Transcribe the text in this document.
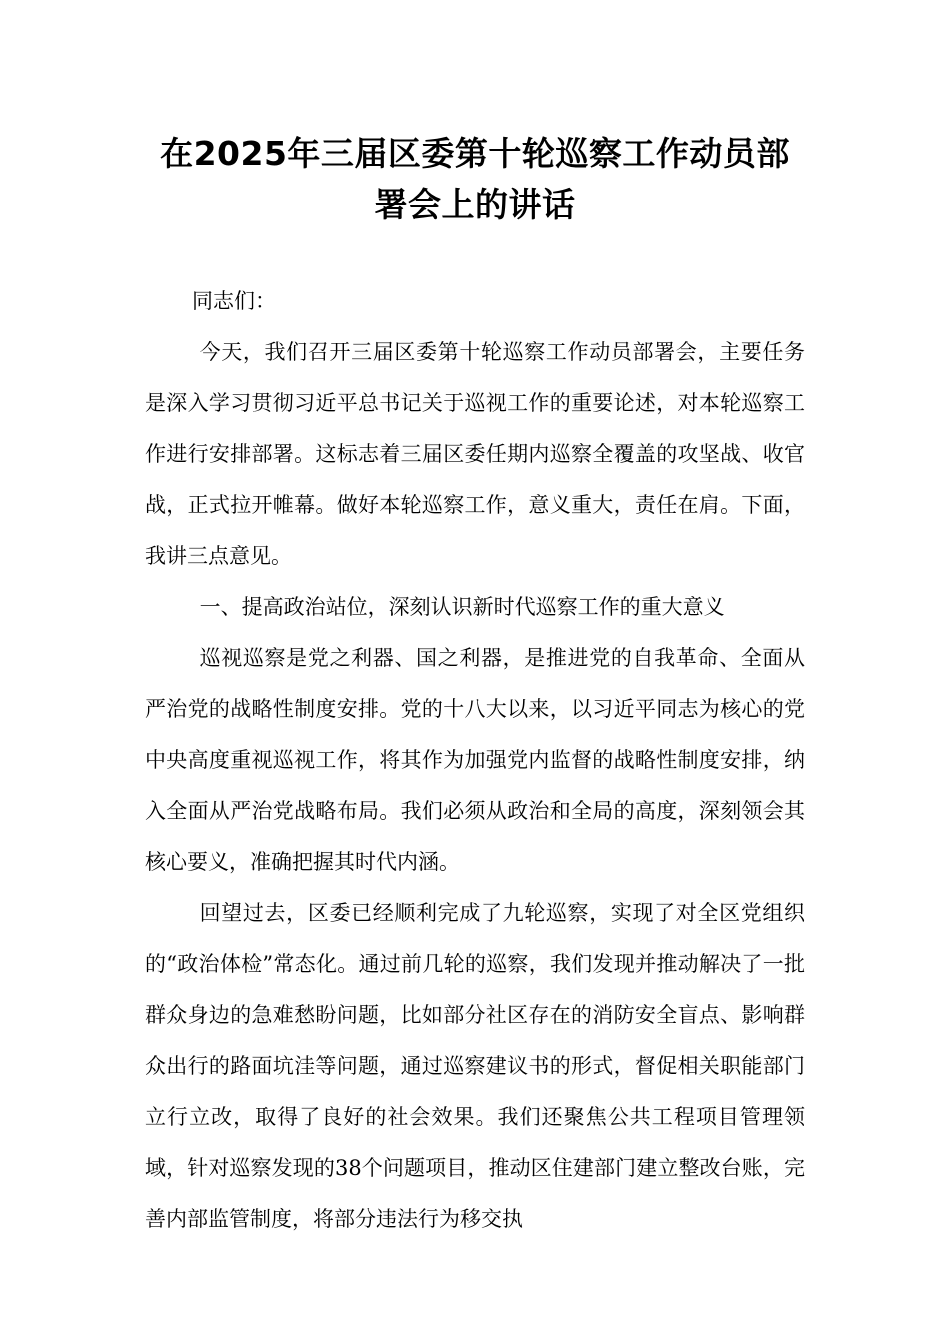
在2025年三届区委第十轮巡察工作动员部署会上的讲话
同志们：

今天，我们召开三届区委第十轮巡察工作动员部署会，主要任务是深入学习贯彻习近平总书记关于巡视工作的重要论述，对本轮巡察工作进行安排部署。这标志着三届区委任期内巡察全覆盖的攻坚战、收官战，正式拉开帷幕。做好本轮巡察工作，意义重大，责任在肩。下面，我讲三点意见。

一、提高政治站位，深刻认识新时代巡察工作的重大意义

巡视巡察是党之利器、国之利器，是推进党的自我革命、全面从严治党的战略性制度安排。党的十八大以来，以习近平同志为核心的党中央高度重视巡视工作，将其作为加强党内监督的战略性制度安排，纳入全面从严治党战略布局。我们必须从政治和全局的高度，深刻领会其核心要义，准确把握其时代内涵。

回望过去，区委已经顺利完成了九轮巡察，实现了对全区党组织的“政治体检”常态化。通过前几轮的巡察，我们发现并推动解决了一批群众身边的急难愁盼问题，比如部分社区存在的消防安全盲点、影响群众出行的路面坑洼等问题，通过巡察建议书的形式，督促相关职能部门立行立改，取得了良好的社会效果。我们还聚焦公共工程项目管理领域，针对巡察发现的38个问题项目，推动区住建部门建立整改台账，完善内部监管制度，将部分违法行为移交执
